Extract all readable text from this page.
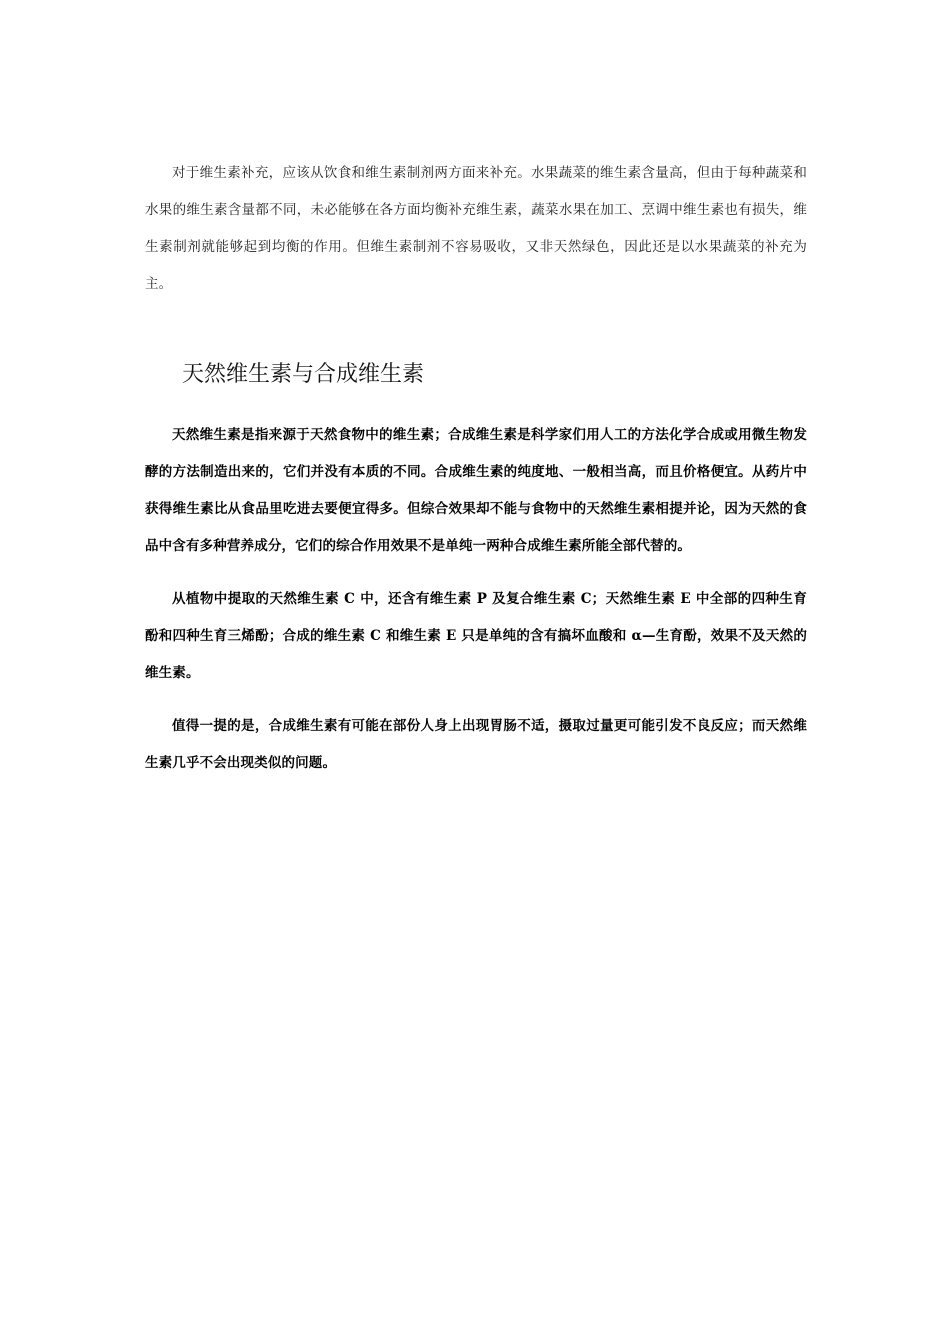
对于维生素补充，应该从饮食和维生素制剂两方面来补充。水果蔬菜的维生素含量高，但由于每种蔬菜和水果的维生素含量都不同，未必能够在各方面均衡补充维生素，蔬菜水果在加工、烹调中维生素也有损失，维生素制剂就能够起到均衡的作用。但维生素制剂不容易吸收，又非天然绿色，因此还是以水果蔬菜的补充为主。

天然维生素与合成维生素

天然维生素是指来源于天然食物中的维生素；合成维生素是科学家们用人工的方法化学合成或用微生物发酵的方法制造出来的，它们并没有本质的不同。合成维生素的纯度地、一般相当高，而且价格便宜。从药片中获得维生素比从食品里吃进去要便宜得多。但综合效果却不能与食物中的天然维生素相提并论，因为天然的食品中含有多种营养成分，它们的综合作用效果不是单纯一两种合成维生素所能全部代替的。

从植物中提取的天然维生素 C 中，还含有维生素 P 及复合维生素 C；天然维生素 E 中全部的四种生育酚和四种生育三烯酚；合成的维生素 C 和维生素 E 只是单纯的含有搞坏血酸和 α—生育酚，效果不及天然的维生素。

值得一提的是，合成维生素有可能在部份人身上出现胃肠不适，摄取过量更可能引发不良反应；而天然维生素几乎不会出现类似的问题。
